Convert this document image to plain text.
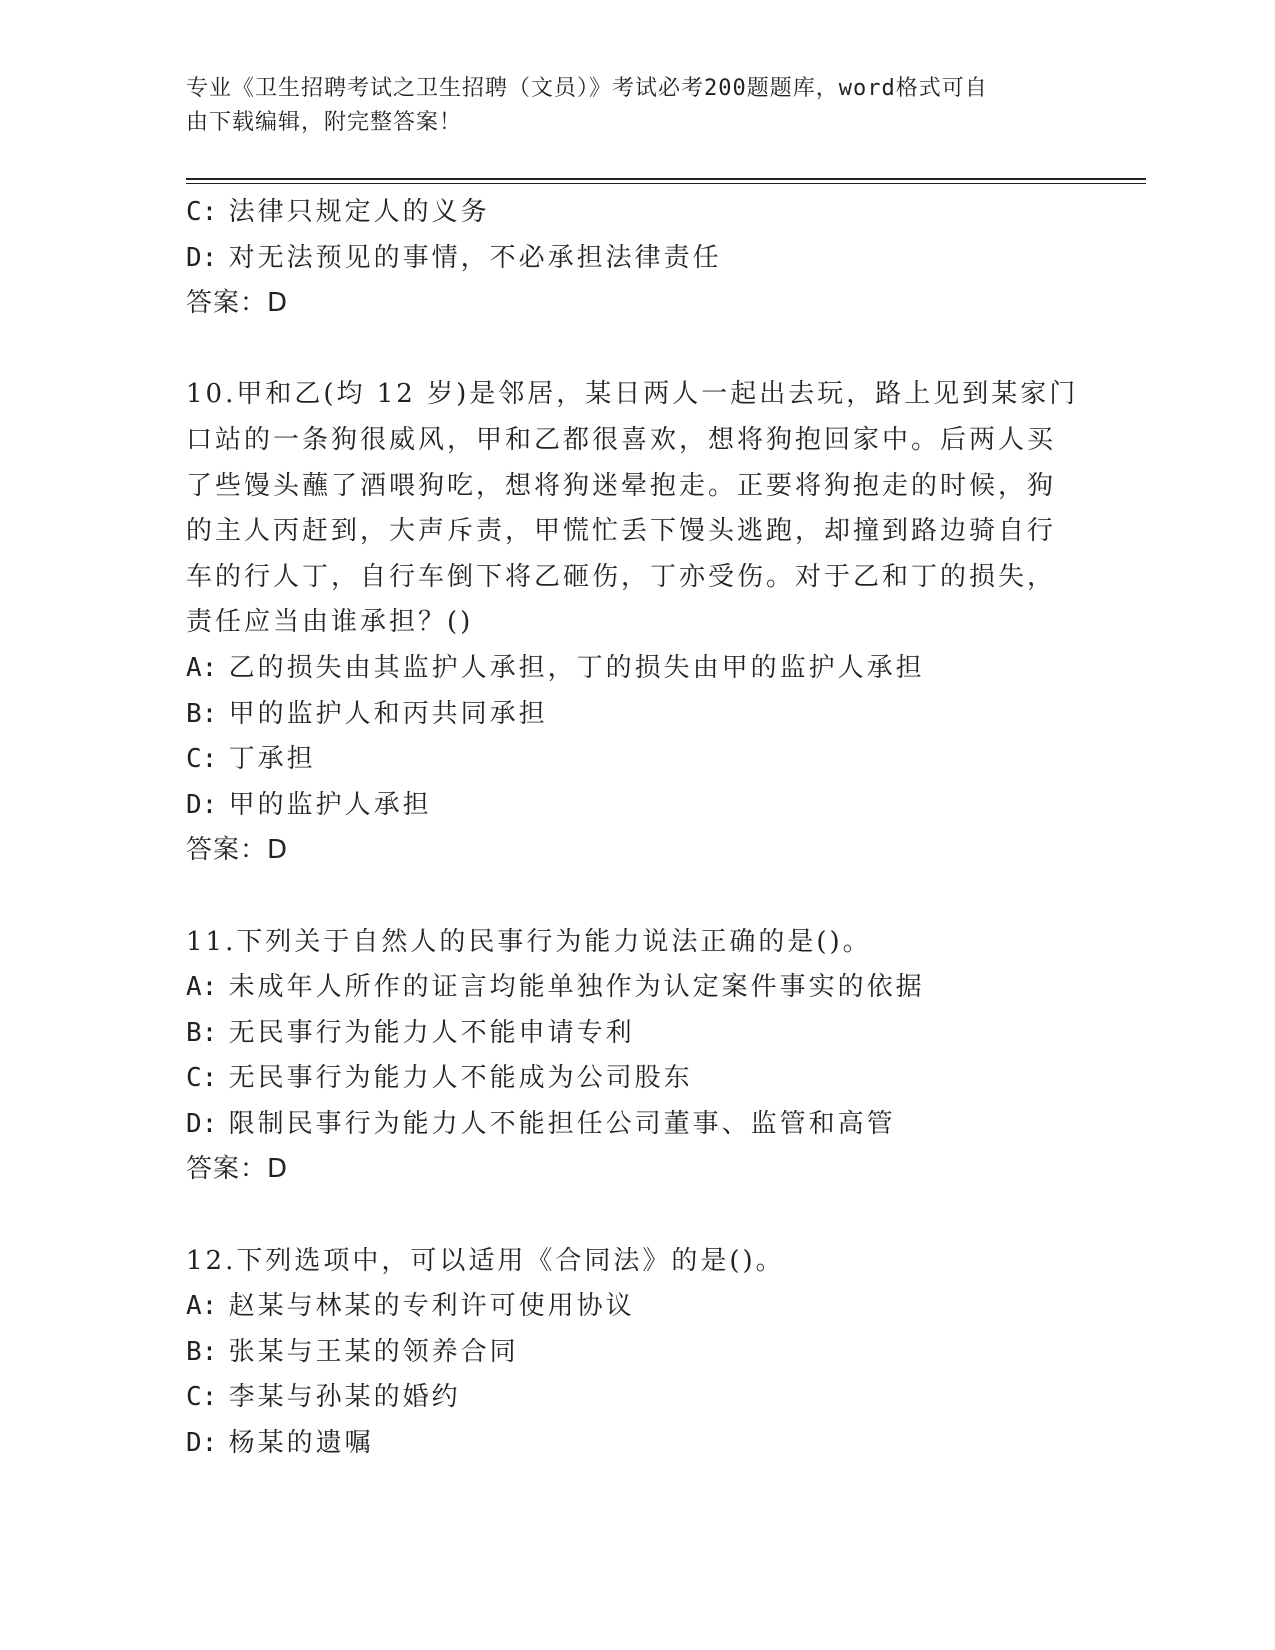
专业《卫生招聘考试之卫生招聘（文员）》考试必考200题题库，word格式可自
由下载编辑，附完整答案！
C: 法律只规定人的义务
D: 对无法预见的事情，不必承担法律责任
答案：D
10.甲和乙(均 12 岁)是邻居，某日两人一起出去玩，路上见到某家门
口站的一条狗很威风，甲和乙都很喜欢，想将狗抱回家中。后两人买
了些馒头蘸了酒喂狗吃，想将狗迷晕抱走。正要将狗抱走的时候，狗
的主人丙赶到，大声斥责，甲慌忙丢下馒头逃跑，却撞到路边骑自行
车的行人丁，自行车倒下将乙砸伤，丁亦受伤。对于乙和丁的损失，
责任应当由谁承担？()
A: 乙的损失由其监护人承担，丁的损失由甲的监护人承担
B: 甲的监护人和丙共同承担
C: 丁承担
D: 甲的监护人承担
答案：D
11.下列关于自然人的民事行为能力说法正确的是()。
A: 未成年人所作的证言均能单独作为认定案件事实的依据
B: 无民事行为能力人不能申请专利
C: 无民事行为能力人不能成为公司股东
D: 限制民事行为能力人不能担任公司董事、监管和高管
答案：D
12.下列选项中，可以适用《合同法》的是()。
A: 赵某与林某的专利许可使用协议
B: 张某与王某的领养合同
C: 李某与孙某的婚约
D: 杨某的遗嘱
